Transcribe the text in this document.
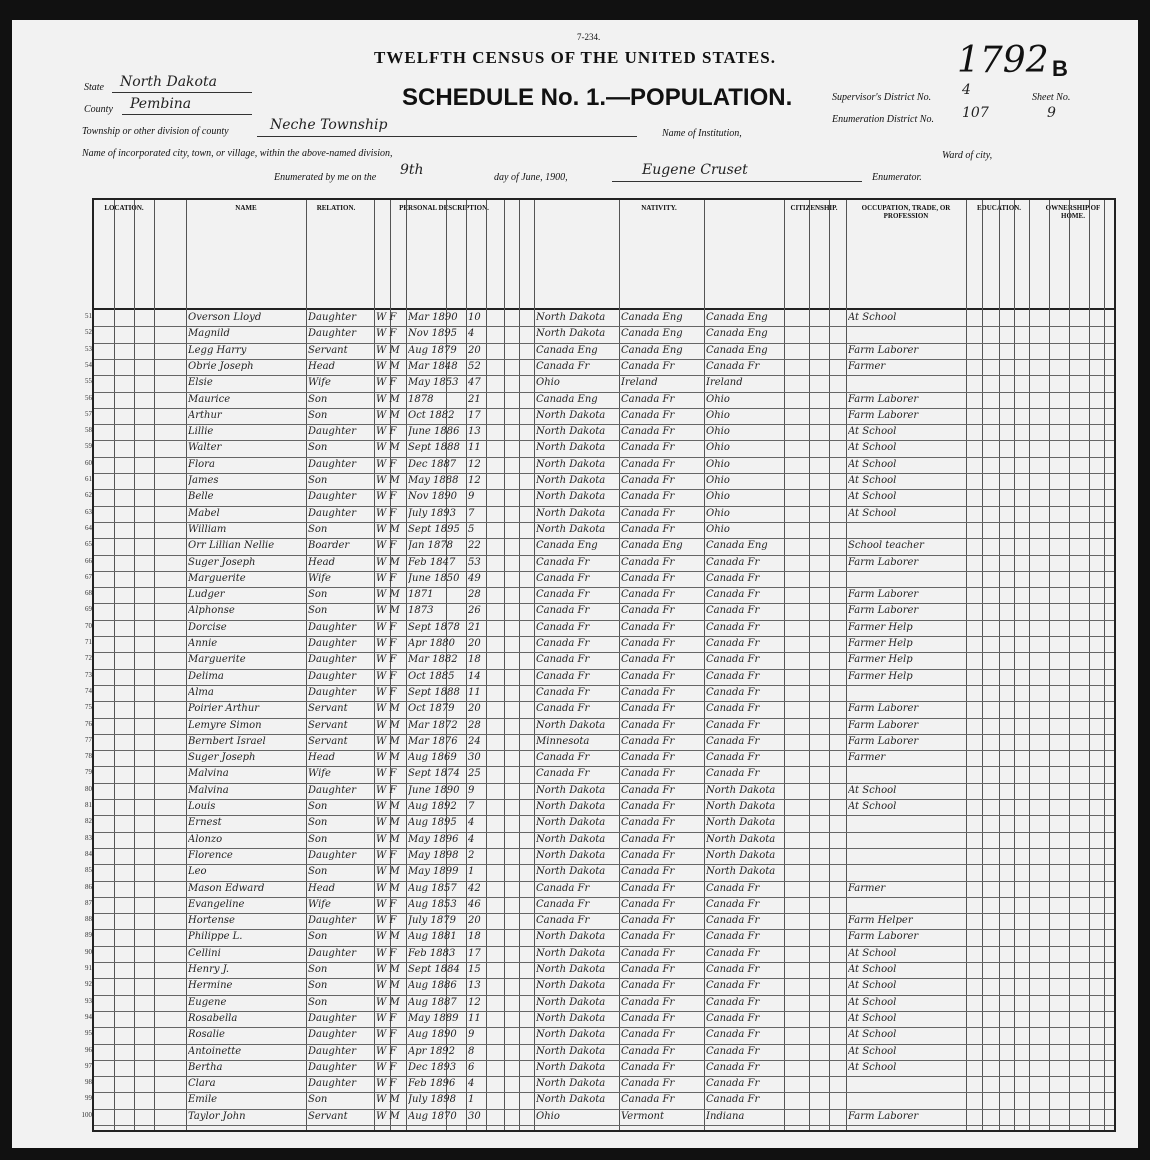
7-234.
TWELFTH CENSUS OF THE UNITED STATES.	1792 B
SCHEDULE No. 1.—POPULATION.
State North Dakota
County Pembina
Township or other division of county	Neche Township
Name of Institution,
Name of incorporated city, town, or village, within the above-named division,	Ward of city,
Enumerated by me on the 9th	day of June, 1900,	Eugene Cruset	Enumerator.
Supervisor's District No. 4	Sheet No.
Enumeration District No. 107	9
LOCATION.	NAME	RELATION.	PERSONAL DESCRIPTION.	NATIVITY.	CITIZENSHIP.	OCCUPATION, TRADE, OR PROFESSION
EDUCATION.	OWNERSHIP OF HOME.
51	Overson Lloyd	Daughter	W F	Mar 1890	10	North Dakota	Canada Eng	Canada Eng	At School
52	Magnild	Daughter	W F	Nov 1895	4	North Dakota	Canada Eng	Canada Eng
53	Legg Harry	Servant	W M Aug 1879	20	Canada Eng	Canada Eng	Canada Eng	Farm Laborer
54	Obrie Joseph	Head	W M Mar 1848	52	Canada Fr	Canada Fr	Canada Fr	Farmer
55	Elsie	Wife	W F	May 1853 47	Ohio	Ireland	Ireland
56	Maurice	Son	W M 1878	21	Canada Eng	Canada Fr	Ohio	Farm Laborer
57	Arthur	Son	W M Oct 1882	17	North Dakota	Canada Fr	Ohio	Farm Laborer
58	Lillie	Daughter	W F	June 1886 13	North Dakota	Canada Fr	Ohio	At School
59	Walter	Son	W M Sept 1888 11	North Dakota	Canada Fr	Ohio	At School
60	Flora	Daughter	W F	Dec 1887	12	North Dakota	Canada Fr	Ohio	At School
61	James	Son	W M May 1888 12	North Dakota	Canada Fr	Ohio	At School
62	Belle	Daughter	W F	Nov 1890	9	North Dakota	Canada Fr	Ohio	At School
63	Mabel	Daughter	W F	July 1893	7	North Dakota	Canada Fr	Ohio	At School
64	William	Son	W M Sept 1895 5	North Dakota	Canada Fr	Ohio
65	Orr Lillian Nellie	Boarder	W F	Jan 1878	22	Canada Eng	Canada Eng	Canada Eng	School teacher
66	Suger Joseph	Head	W M Feb 1847	53	Canada Fr	Canada Fr	Canada Fr	Farm Laborer
67	Marguerite	Wife	W F	June 1850 49	Canada Fr	Canada Fr	Canada Fr
68	Ludger	Son	W M 1871	28	Canada Fr	Canada Fr	Canada Fr	Farm Laborer
69	Alphonse	Son	W M 1873	26	Canada Fr	Canada Fr	Canada Fr	Farm Laborer
70	Dorcise	Daughter	W F	Sept 1878 21	Canada Fr	Canada Fr	Canada Fr	Farmer Help
71	Annie	Daughter	W F	Apr 1880	20	Canada Fr	Canada Fr	Canada Fr	Farmer Help
72	Marguerite	Daughter	W F	Mar 1882	18	Canada Fr	Canada Fr	Canada Fr	Farmer Help
73	Delima	Daughter	W F	Oct 1885	14	Canada Fr	Canada Fr	Canada Fr	Farmer Help
74	Alma	Daughter	W F	Sept 1888 11	Canada Fr	Canada Fr	Canada Fr
75	Poirier Arthur	Servant	W M Oct 1879	20	Canada Fr	Canada Fr	Canada Fr	Farm Laborer
76	Lemyre Simon	Servant	W M Mar 1872	28	North Dakota	Canada Fr	Canada Fr	Farm Laborer
77	Bernbert Israel	Servant	W M Mar 1876	24	Minnesota	Canada Fr	Canada Fr	Farm Laborer
78	Suger Joseph	Head	W M Aug 1869	30	Canada Fr	Canada Fr	Canada Fr	Farmer
79	Malvina	Wife	W F	Sept 1874 25	Canada Fr	Canada Fr	Canada Fr
80	Malvina	Daughter	W F	June 1890 9	North Dakota	Canada Fr	North Dakota	At School
81	Louis	Son	W M Aug 1892	7	North Dakota	Canada Fr	North Dakota	At School
82	Ernest	Son	W M Aug 1895	4	North Dakota	Canada Fr	North Dakota
83	Alonzo	Son	W M May 1896 4	North Dakota	Canada Fr	North Dakota
84	Florence	Daughter	W F	May 1898 2	North Dakota	Canada Fr	North Dakota
85	Leo	Son	W M May 1899 1	North Dakota	Canada Fr	North Dakota
86	Mason Edward	Head	W M Aug 1857	42	Canada Fr	Canada Fr	Canada Fr	Farmer
87	Evangeline	Wife	W F	Aug 1853	46	Canada Fr	Canada Fr	Canada Fr
88	Hortense	Daughter	W F	July 1879	20	Canada Fr	Canada Fr	Canada Fr	Farm Helper
89	Philippe L.	Son	W M Aug 1881	18	North Dakota	Canada Fr	Canada Fr	Farm Laborer
90	Cellini	Daughter	W F	Feb 1883	17	North Dakota	Canada Fr	Canada Fr	At School
91	Henry J.	Son	W M Sept 1884 15	North Dakota	Canada Fr	Canada Fr	At School
92	Hermine	Son	W M Aug 1886	13	North Dakota	Canada Fr	Canada Fr	At School
93	Eugene	Son	W M Aug 1887	12	North Dakota	Canada Fr	Canada Fr	At School
94	Rosabella	Daughter	W F	May 1889 11	North Dakota	Canada Fr	Canada Fr	At School
95	Rosalie	Daughter	W F	Aug 1890	9	North Dakota	Canada Fr	Canada Fr	At School
96	Antoinette	Daughter	W F	Apr 1892	8	North Dakota	Canada Fr	Canada Fr	At School
97	Bertha	Daughter	W F	Dec 1893	6	North Dakota	Canada Fr	Canada Fr	At School
98	Clara	Daughter	W F	Feb 1896	4	North Dakota	Canada Fr	Canada Fr
99	Emile	Son	W M July 1898	1	North Dakota	Canada Fr	Canada Fr
100	Taylor John	Servant	W M Aug 1870	30	Ohio	Vermont	Indiana	Farm Laborer
